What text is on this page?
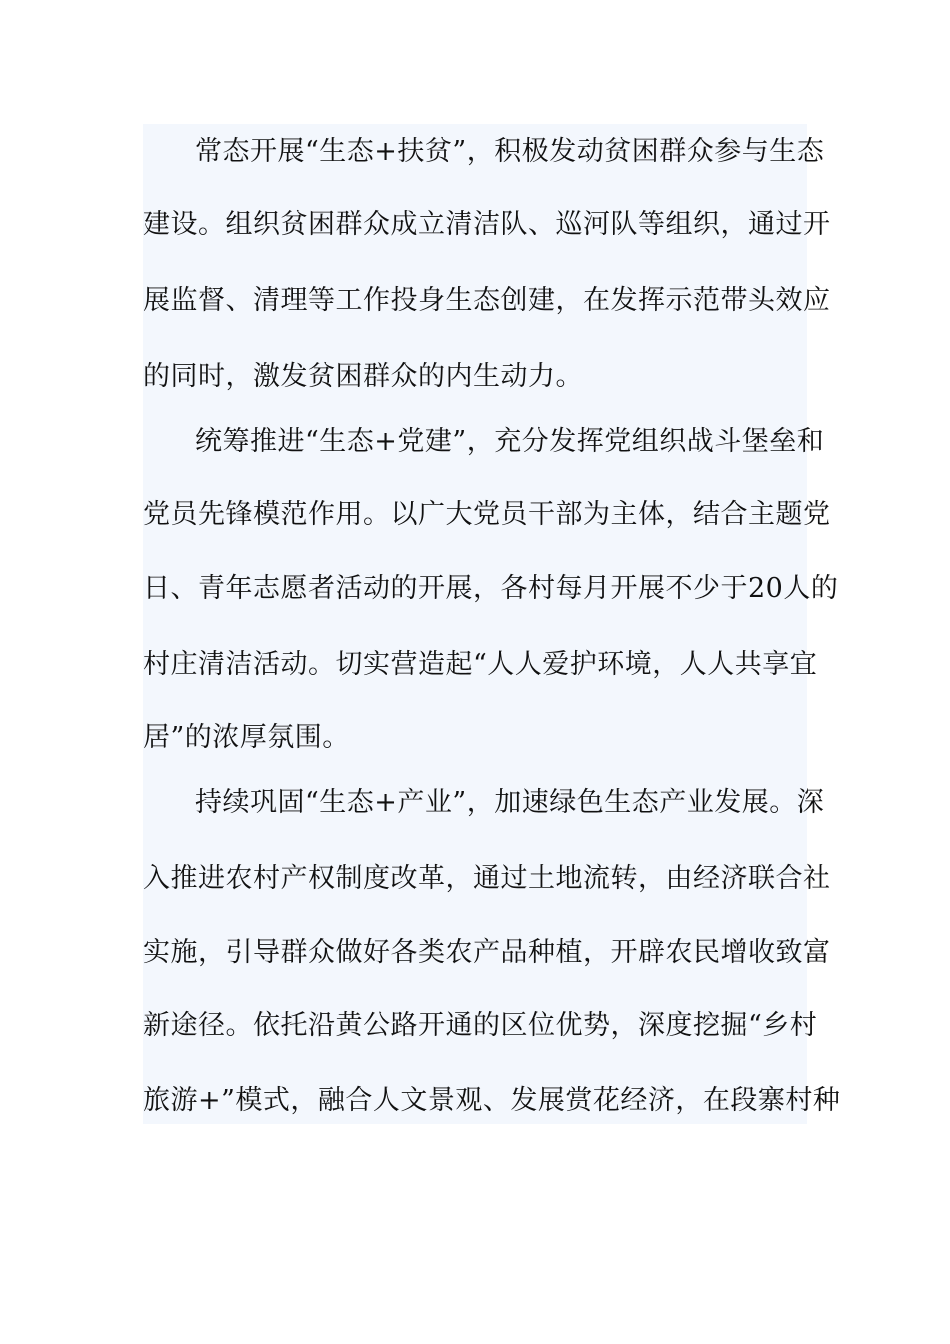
常态开展“生态+扶贫”，积极发动贫困群众参与生态
建设。组织贫困群众成立清洁队、巡河队等组织，通过开
展监督、清理等工作投身生态创建，在发挥示范带头效应
的同时，激发贫困群众的内生动力。
统筹推进“生态+党建”，充分发挥党组织战斗堡垒和
党员先锋模范作用。以广大党员干部为主体，结合主题党
日、青年志愿者活动的开展，各村每月开展不少于20人的
村庄清洁活动。切实营造起“人人爱护环境，人人共享宜
居”的浓厚氛围。
持续巩固“生态+产业”，加速绿色生态产业发展。深
入推进农村产权制度改革，通过土地流转，由经济联合社
实施，引导群众做好各类农产品种植，开辟农民增收致富
新途径。依托沿黄公路开通的区位优势，深度挖掘“乡村
旅游+”模式，融合人文景观、发展赏花经济，在段寨村种
